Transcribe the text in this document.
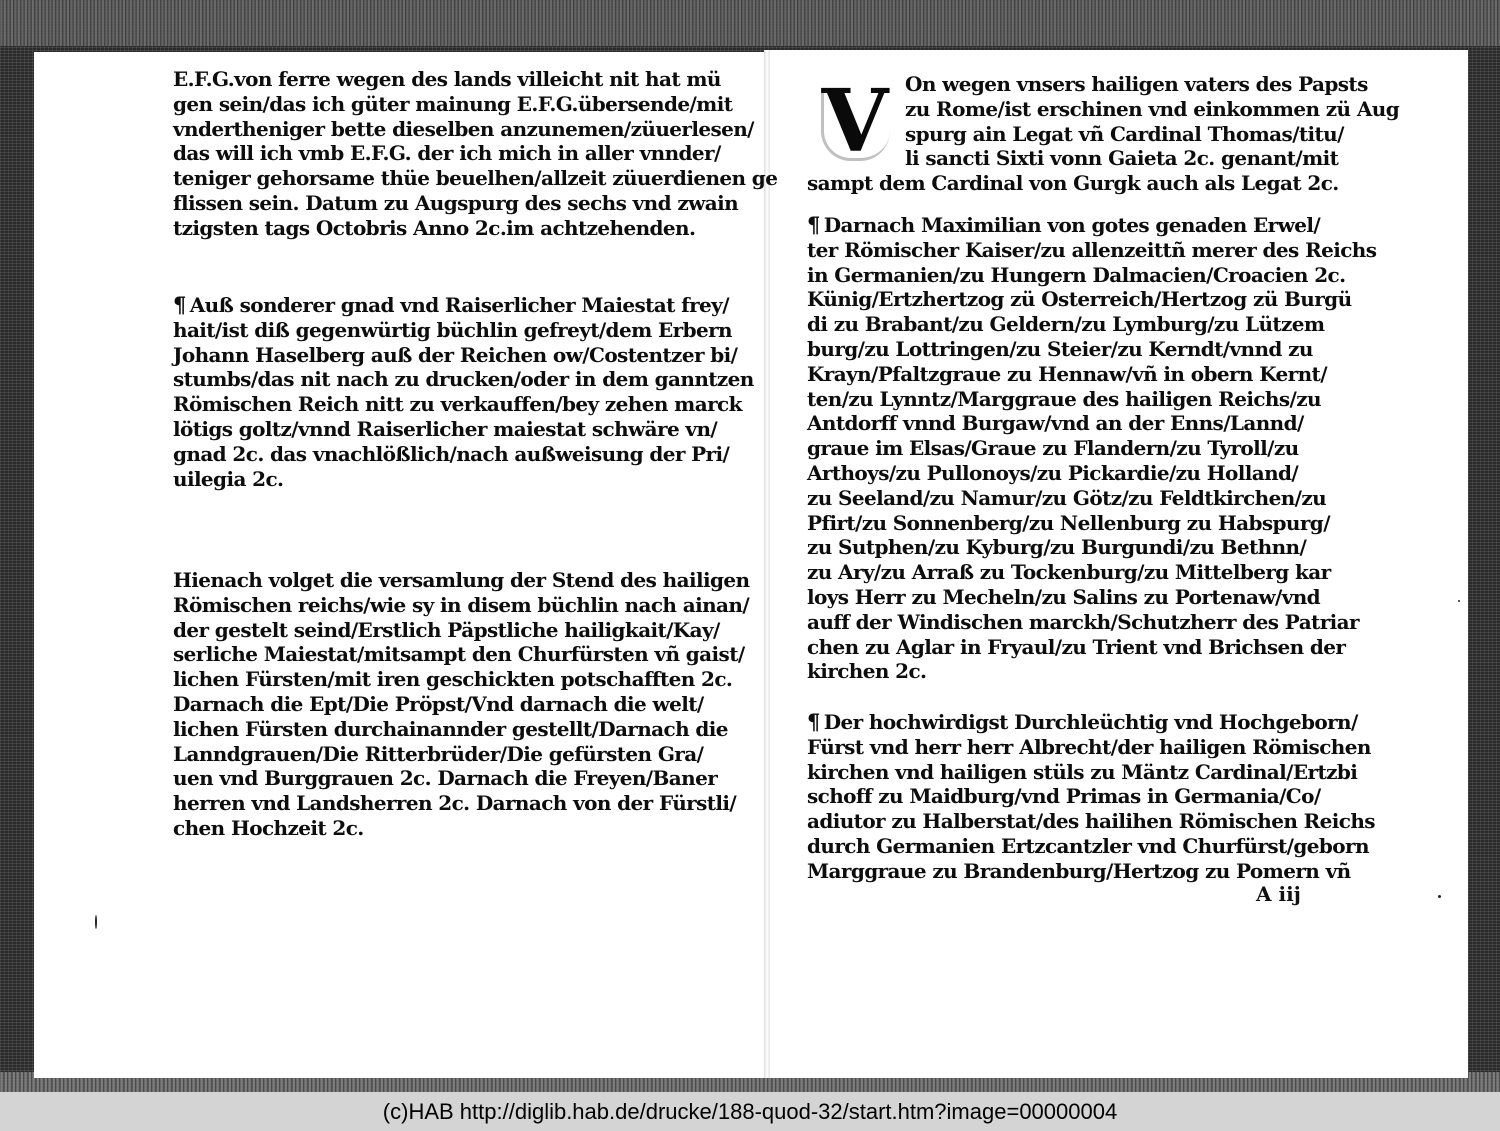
E.F.G.von ferre wegen des lands villeicht nit hat mü
gen sein/das ich güter mainung E.F.G.übersende/mit
vndertheniger bette dieselben anzunemen/züuerlesen/
das will ich vmb E.F.G. der ich mich in aller vnnder/
teniger gehorsame thüe beuelhen/allzeit züuerdienen ge
flissen sein. Datum zu Augspurg des sechs vnd zwain
tzigsten tags Octobris Anno 2c.im achtzehenden.
¶ Auß sonderer gnad vnd Raiserlicher Maiestat frey/
hait/ist diß gegenwürtig büchlin gefreyt/dem Erbern
Johann Haselberg auß der Reichen ow/Costentzer bi/
stumbs/das nit nach zu drucken/oder in dem ganntzen
Römischen Reich nitt zu verkauffen/bey zehen marck
lötigs goltz/vnnd Raiserlicher maiestat schwäre vn/
gnad 2c. das vnachlößlich/nach außweisung der Pri/
uilegia 2c.
Hienach volget die versamlung der Stend des hailigen
Römischen reichs/wie sy in disem büchlin nach ainan/
der gestelt seind/Erstlich Päpstliche hailigkait/Kay/
serliche Maiestat/mitsampt den Churfürsten vñ gaist/
lichen Fürsten/mit iren geschickten potschafften 2c.
Darnach die Ept/Die Pröpst/Vnd darnach die welt/
lichen Fürsten durchainannder gestellt/Darnach die
Lanndgrauen/Die Ritterbrüder/Die gefürsten Gra/
uen vnd Burggrauen 2c. Darnach die Freyen/Baner
herren vnd Landsherren 2c. Darnach von der Fürstli/
chen Hochzeit 2c.
V On wegen vnsers hailigen vaters des Papsts
zu Rome/ist erschinen vnd einkommen zü Aug
spurg ain Legat vñ Cardinal Thomas/titu/
li sancti Sixti vonn Gaieta 2c. genant/mit
sampt dem Cardinal von Gurgk auch als Legat 2c.
¶ Darnach Maximilian von gotes genaden Erwel/
ter Römischer Kaiser/zu allenzeittñ merer des Reichs
in Germanien/zu Hungern Dalmacien/Croacien 2c.
Künig/Ertzhertzog zü Osterreich/Hertzog zü Burgü
di zu Brabant/zu Geldern/zu Lymburg/zu Lützem
burg/zu Lottringen/zu Steier/zu Kerndt/vnnd zu
Krayn/Pfaltzgraue zu Hennaw/vñ in obern Kernt/
ten/zu Lynntz/Marggraue des hailigen Reichs/zu
Antdorff vnnd Burgaw/vnd an der Enns/Lannd/
graue im Elsas/Graue zu Flandern/zu Tyroll/zu
Arthoys/zu Pullonoys/zu Pickardie/zu Holland/
zu Seeland/zu Namur/zu Götz/zu Feldtkirchen/zu
Pfirt/zu Sonnenberg/zu Nellenburg zu Habspurg/
zu Sutphen/zu Kyburg/zu Burgundi/zu Bethnn/
zu Ary/zu Arraß zu Tockenburg/zu Mittelberg kar
loys Herr zu Mecheln/zu Salins zu Portenaw/vnd
auff der Windischen marckh/Schutzherr des Patriar
chen zu Aglar in Fryaul/zu Trient vnd Brichsen der
kirchen 2c.
¶ Der hochwirdigst Durchleüchtig vnd Hochgeborn/
Fürst vnd herr herr Albrecht/der hailigen Römischen
kirchen vnd hailigen stüls zu Mäntz Cardinal/Ertzbi
schoff zu Maidburg/vnd Primas in Germania/Co/
adiutor zu Halberstat/des hailihen Römischen Reichs
durch Germanien Ertzcantzler vnd Churfürst/geborn
Marggraue zu Brandenburg/Hertzog zu Pomern vñ
A iij
(c)HAB http://diglib.hab.de/drucke/188-quod-32/start.htm?image=00000004
